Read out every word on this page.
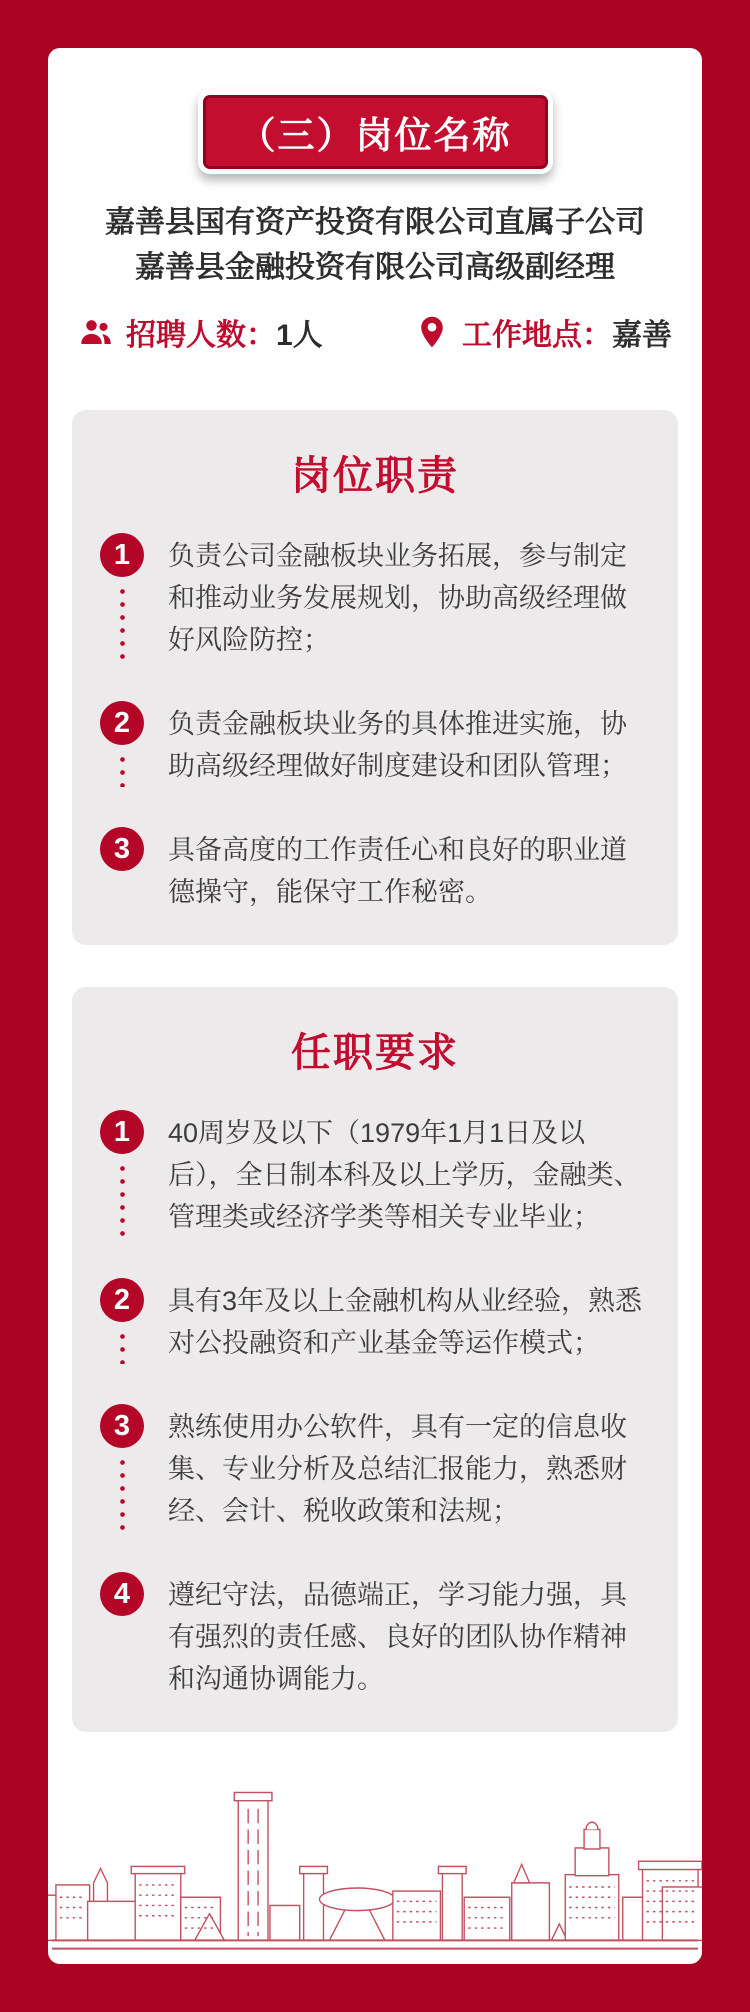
（三）岗位名称
嘉善县国有资产投资有限公司直属子公司
嘉善县金融投资有限公司高级副经理
招聘人数： 1人	工作地点： 嘉善
岗位职责
1	负责公司金融板块业务拓展，参与制定和推动业务发展规划，协助高级经理做好风险防控；
2	负责金融板块业务的具体推进实施，协助高级经理做好制度建设和团队管理；
3	具备高度的工作责任心和良好的职业道德操守，能保守工作秘密。
任职要求
1	40周岁及以下（1979年1月1日及以后），全日制本科及以上学历，金融类、管理类或经济学类等相关专业毕业；
2	具有3年及以上金融机构从业经验，熟悉对公投融资和产业基金等运作模式；
3	熟练使用办公软件，具有一定的信息收集、专业分析及总结汇报能力，熟悉财经、会计、税收政策和法规；
4	遵纪守法，品德端正，学习能力强，具有强烈的责任感、良好的团队协作精神和沟通协调能力。
